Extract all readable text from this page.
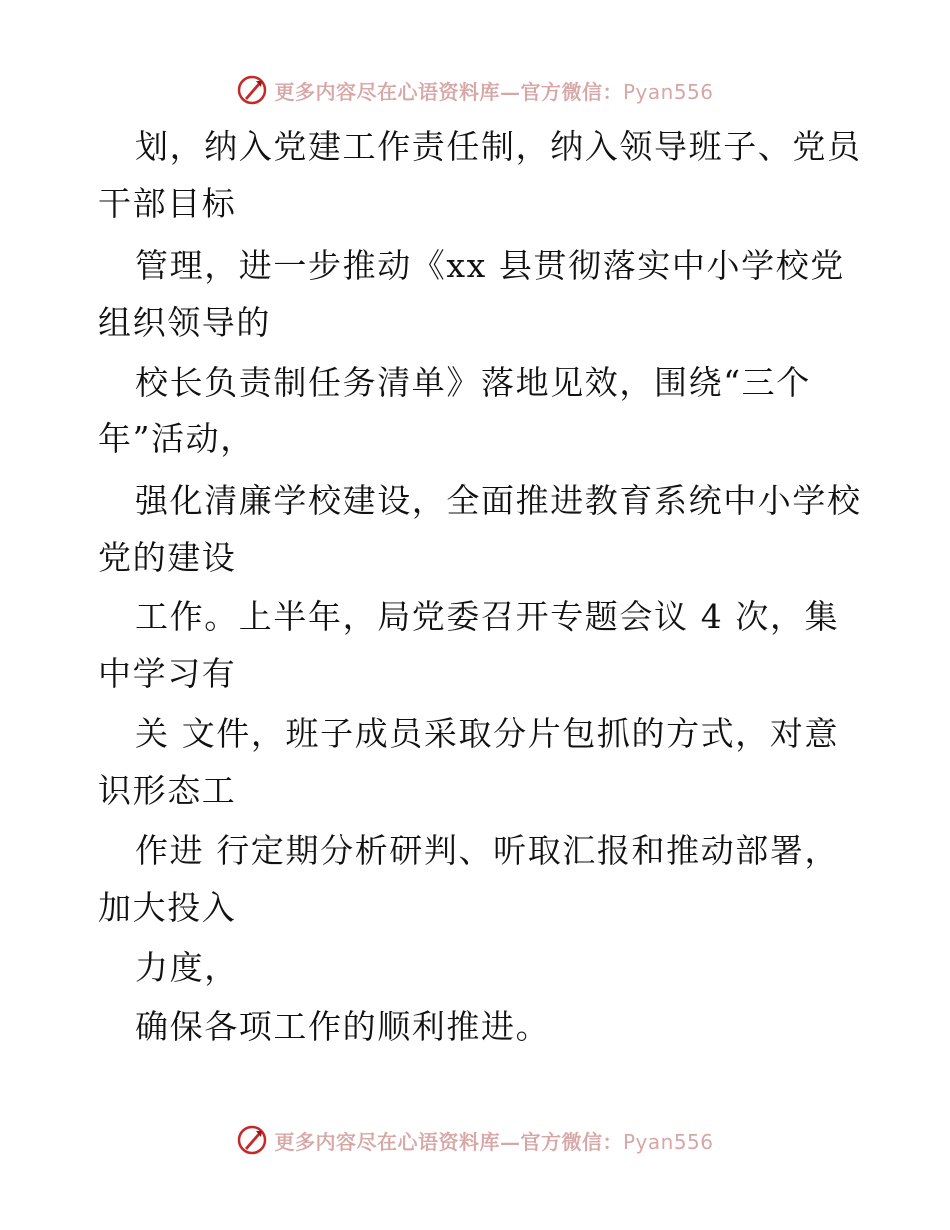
更多内容尽在心语资料库—官方微信：Pyan556
划，纳入党建工作责任制，纳入领导班子、党员
干部目标
管理，进一步推动《xx 县贯彻落实中小学校党
组织领导的
校长负责制任务清单》落地见效，围绕“三个
年”活动，
强化清廉学校建设，全面推进教育系统中小学校
党的建设
工作。上半年，局党委召开专题会议 4 次，集
中学习有
关 文件，班子成员采取分片包抓的方式，对意
识形态工
作进 行定期分析研判、听取汇报和推动部署，
加大投入
力度，
确保各项工作的顺利推进。
更多内容尽在心语资料库—官方微信：Pyan556
